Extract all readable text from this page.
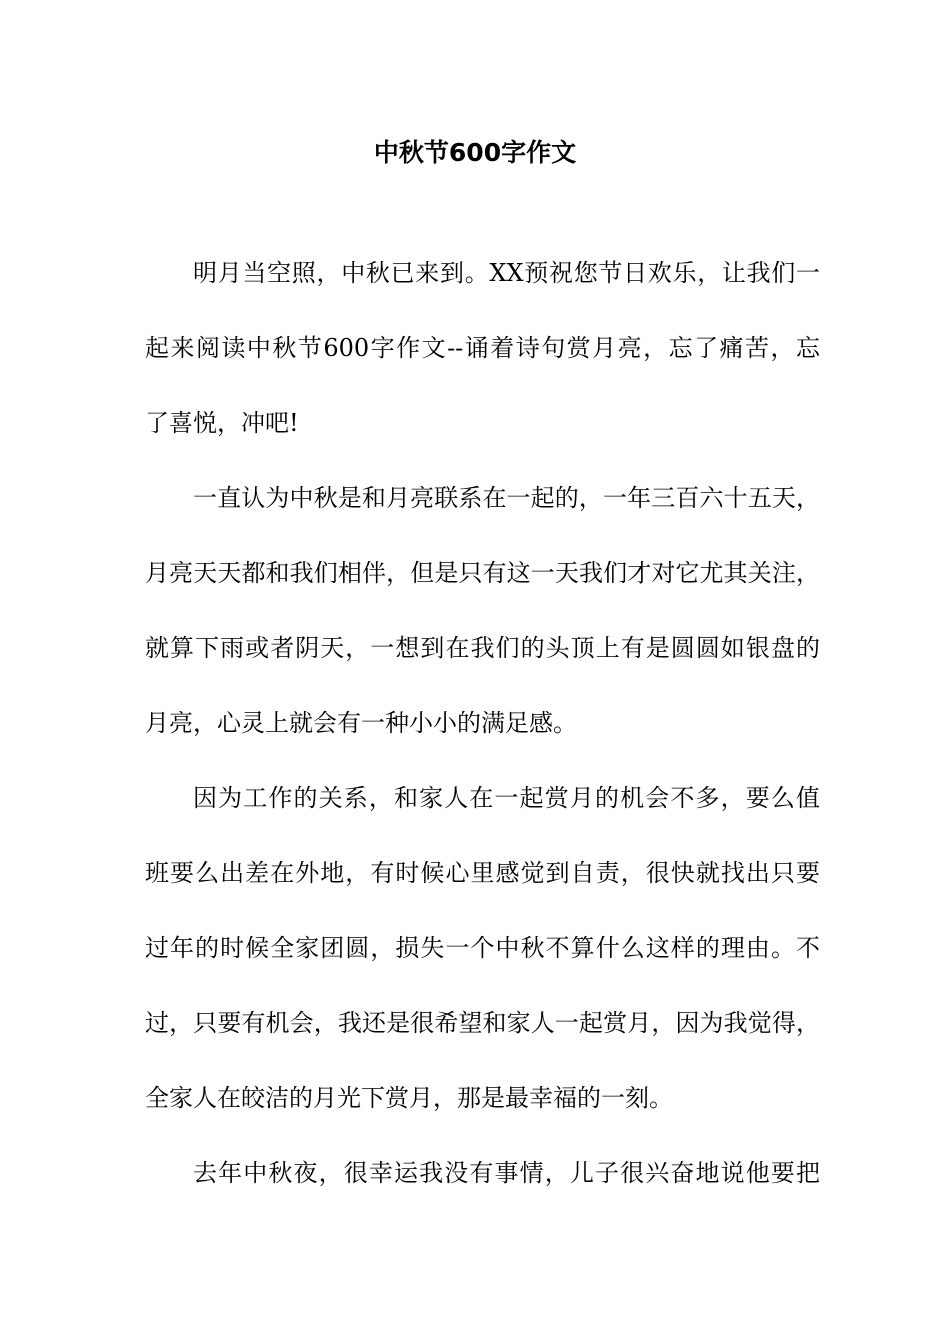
中秋节600字作文

明月当空照，中秋已来到。XX预祝您节日欢乐，让我们一
起来阅读中秋节600字作文--诵着诗句赏月亮，忘了痛苦，忘
了喜悦，冲吧!

一直认为中秋是和月亮联系在一起的，一年三百六十五天，
月亮天天都和我们相伴，但是只有这一天我们才对它尤其关注，
就算下雨或者阴天，一想到在我们的头顶上有是圆圆如银盘的
月亮，心灵上就会有一种小小的满足感。

因为工作的关系，和家人在一起赏月的机会不多，要么值
班要么出差在外地，有时候心里感觉到自责，很快就找出只要
过年的时候全家团圆，损失一个中秋不算什么这样的理由。不
过，只要有机会，我还是很希望和家人一起赏月，因为我觉得，
全家人在皎洁的月光下赏月，那是最幸福的一刻。

去年中秋夜，很幸运我没有事情，儿子很兴奋地说他要把
